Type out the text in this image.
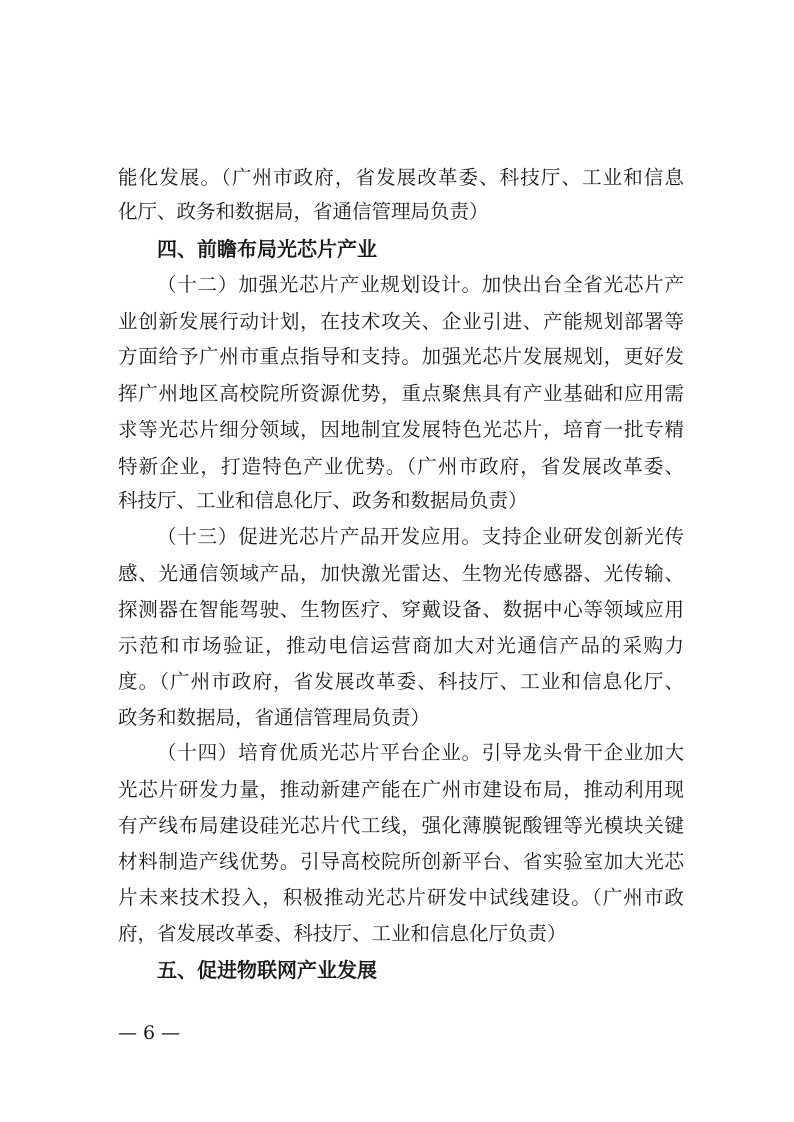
能化发展。（广州市政府，省发展改革委、科技厅、工业和信息
化厅、政务和数据局，省通信管理局负责）
四、前瞻布局光芯片产业
（十二）加强光芯片产业规划设计。加快出台全省光芯片产
业创新发展行动计划，在技术攻关、企业引进、产能规划部署等
方面给予广州市重点指导和支持。加强光芯片发展规划，更好发
挥广州地区高校院所资源优势，重点聚焦具有产业基础和应用需
求等光芯片细分领域，因地制宜发展特色光芯片，培育一批专精
特新企业，打造特色产业优势。（广州市政府，省发展改革委、
科技厅、工业和信息化厅、政务和数据局负责）
（十三）促进光芯片产品开发应用。支持企业研发创新光传
感、光通信领域产品，加快激光雷达、生物光传感器、光传输、
探测器在智能驾驶、生物医疗、穿戴设备、数据中心等领域应用
示范和市场验证，推动电信运营商加大对光通信产品的采购力
度。（广州市政府，省发展改革委、科技厅、工业和信息化厅、
政务和数据局，省通信管理局负责）
（十四）培育优质光芯片平台企业。引导龙头骨干企业加大
光芯片研发力量，推动新建产能在广州市建设布局，推动利用现
有产线布局建设硅光芯片代工线，强化薄膜铌酸锂等光模块关键
材料制造产线优势。引导高校院所创新平台、省实验室加大光芯
片未来技术投入，积极推动光芯片研发中试线建设。（广州市政
府，省发展改革委、科技厅、工业和信息化厅负责）
五、促进物联网产业发展
— 6 —
